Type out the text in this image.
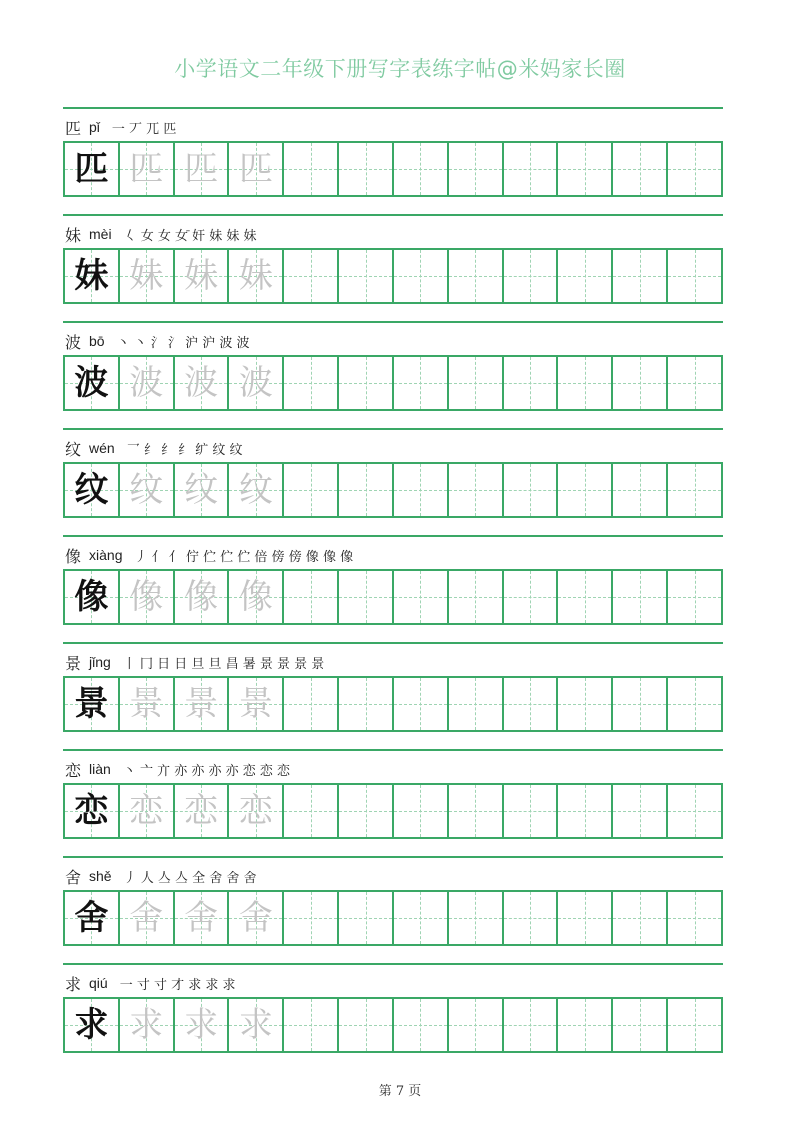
小学语文二年级下册写字表练字帖@米妈家长圈
匹 pǐ 一 丆 兀 匹
匹 匹 匹 匹
妹 mèi 𡿨 女 女 女̄ 奸 妹 妹 妹
妹 妹 妹 妹
波 bō 丶 丶 氵 氵 沪 沪 波 波
波 波 波 波
纹 wén 乛 纟 纟 纟 纩 纹 纹
纹 纹 纹 纹
像 xiàng 丿 亻 亻 佇 伫 伫 伫 倍 傍 傍 像 像 像
像 像 像 像
景 jǐng 丨 冂 日 日 旦 旦 昌 暑 景 景 景 景
景 景 景 景
恋 liàn 丶 亠 亣 亦 亦 亦 亦 恋 恋 恋
恋 恋 恋 恋
舍 shě 丿 人 亼 亼 全 舍 舍 舍
舍 舍 舍 舍
求 qiú 一 寸 寸 才 求 求 求
求 求 求 求
第 7 页
